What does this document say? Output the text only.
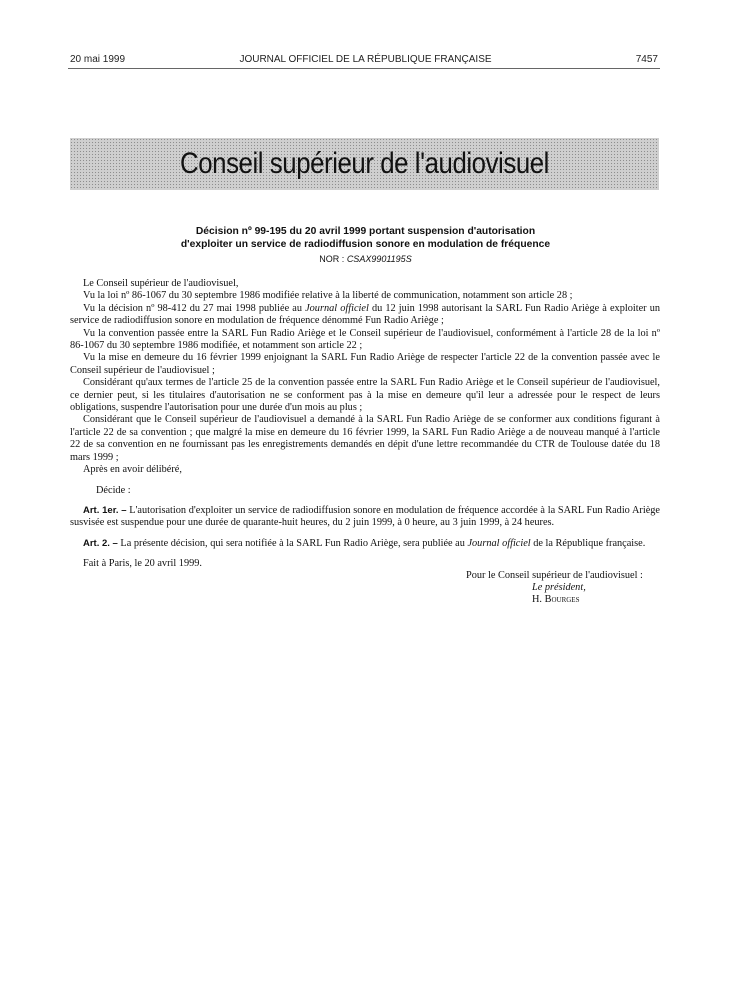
20 mai 1999	JOURNAL OFFICIEL DE LA RÉPUBLIQUE FRANÇAISE	7457
Conseil supérieur de l'audiovisuel
Décision nº 99-195 du 20 avril 1999 portant suspension d'autorisation
d'exploiter un service de radiodiffusion sonore en modulation de fréquence
NOR : CSAX9901195S

Le Conseil supérieur de l'audiovisuel,

Vu la loi nº 86-1067 du 30 septembre 1986 modifiée relative à la liberté de communication, notamment son article 28 ;

Vu la décision nº 98-412 du 27 mai 1998 publiée au Journal officiel du 12 juin 1998 autorisant la SARL Fun Radio Ariège à exploiter un service de radiodiffusion sonore en modulation de fréquence dénommé Fun Radio Ariège ;

Vu la convention passée entre la SARL Fun Radio Ariège et le Conseil supérieur de l'audiovisuel, conformément à l'article 28 de la loi nº 86-1067 du 30 septembre 1986 modifiée, et notamment son article 22 ;

Vu la mise en demeure du 16 février 1999 enjoignant la SARL Fun Radio Ariège de respecter l'article 22 de la convention passée avec le Conseil supérieur de l'audiovisuel ;

Considérant qu'aux termes de l'article 25 de la convention passée entre la SARL Fun Radio Ariège et le Conseil supérieur de l'audiovisuel, ce dernier peut, si les titulaires d'autorisation ne se conforment pas à la mise en demeure qu'il leur a adressée pour le respect de leurs obligations, suspendre l'autorisation pour une durée d'un mois au plus ;

Considérant que le Conseil supérieur de l'audiovisuel a demandé à la SARL Fun Radio Ariège de se conformer aux conditions figurant à l'article 22 de sa convention ; que malgré la mise en demeure du 16 février 1999, la SARL Fun Radio Ariège a de nouveau manqué à l'article 22 de sa convention en ne fournissant pas les enregistrements demandés en dépit d'une lettre recommandée du CTR de Toulouse datée du 18 mars 1999 ;

Après en avoir délibéré,

Décide :

Art. 1er. – L'autorisation d'exploiter un service de radiodiffusion sonore en modulation de fréquence accordée à la SARL Fun Radio Ariège susvisée est suspendue pour une durée de quarante-huit heures, du 2 juin 1999, à 0 heure, au 3 juin 1999, à 24 heures.

Art. 2. – La présente décision, qui sera notifiée à la SARL Fun Radio Ariège, sera publiée au Journal officiel de la République française.

Fait à Paris, le 20 avril 1999.

Pour le Conseil supérieur de l'audiovisuel :
Le président,
H. Bourges
